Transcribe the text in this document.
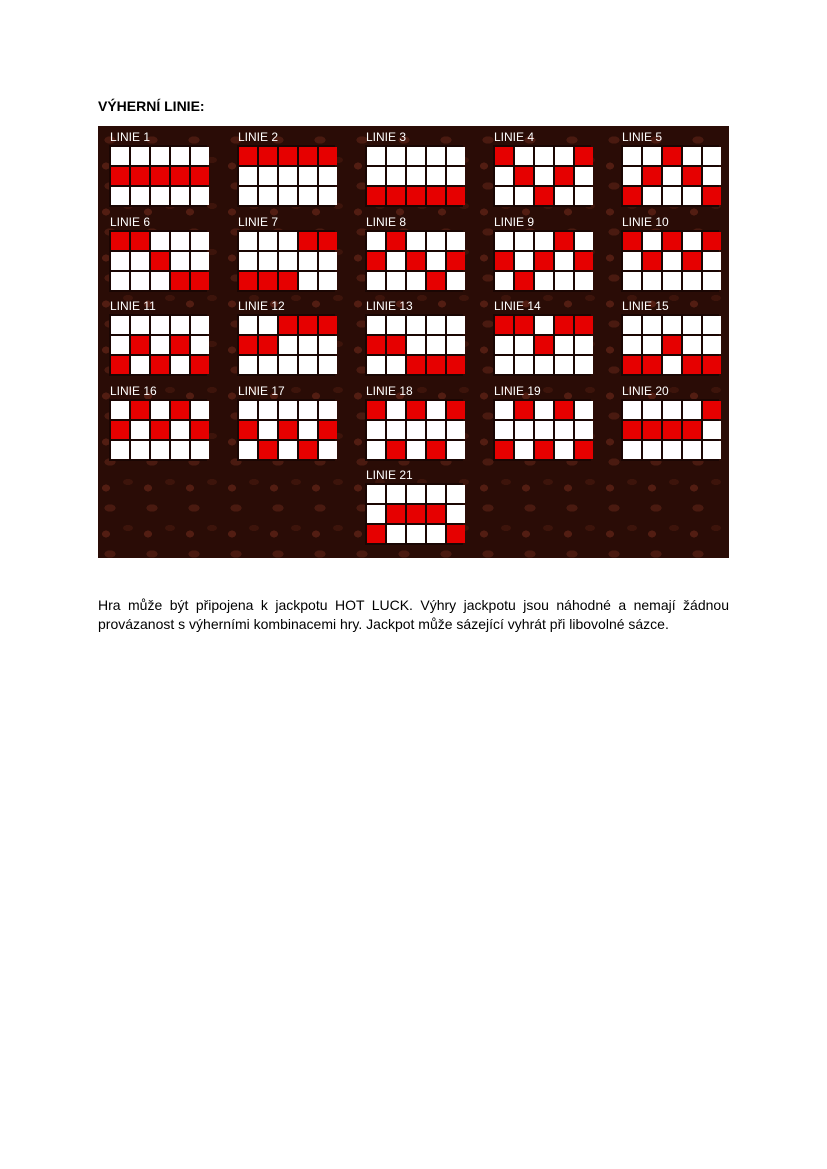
VÝHERNÍ LINIE:
LINIE 1	LINIE 2	LINIE 3	LINIE 4	LINIE 5
LINIE 6	LINIE 7	LINIE 8	LINIE 9	LINIE 10
LINIE 11	LINIE 12	LINIE 13	LINIE 14	LINIE 15
LINIE 16	LINIE 17	LINIE 18	LINIE 19	LINIE 20
LINIE 21

Hra může být připojena k jackpotu HOT LUCK. Výhry jackpotu jsou náhodné a nemají žádnou provázanost s výherními kombinacemi hry. Jackpot může sázející vyhrát při libovolné sázce.
